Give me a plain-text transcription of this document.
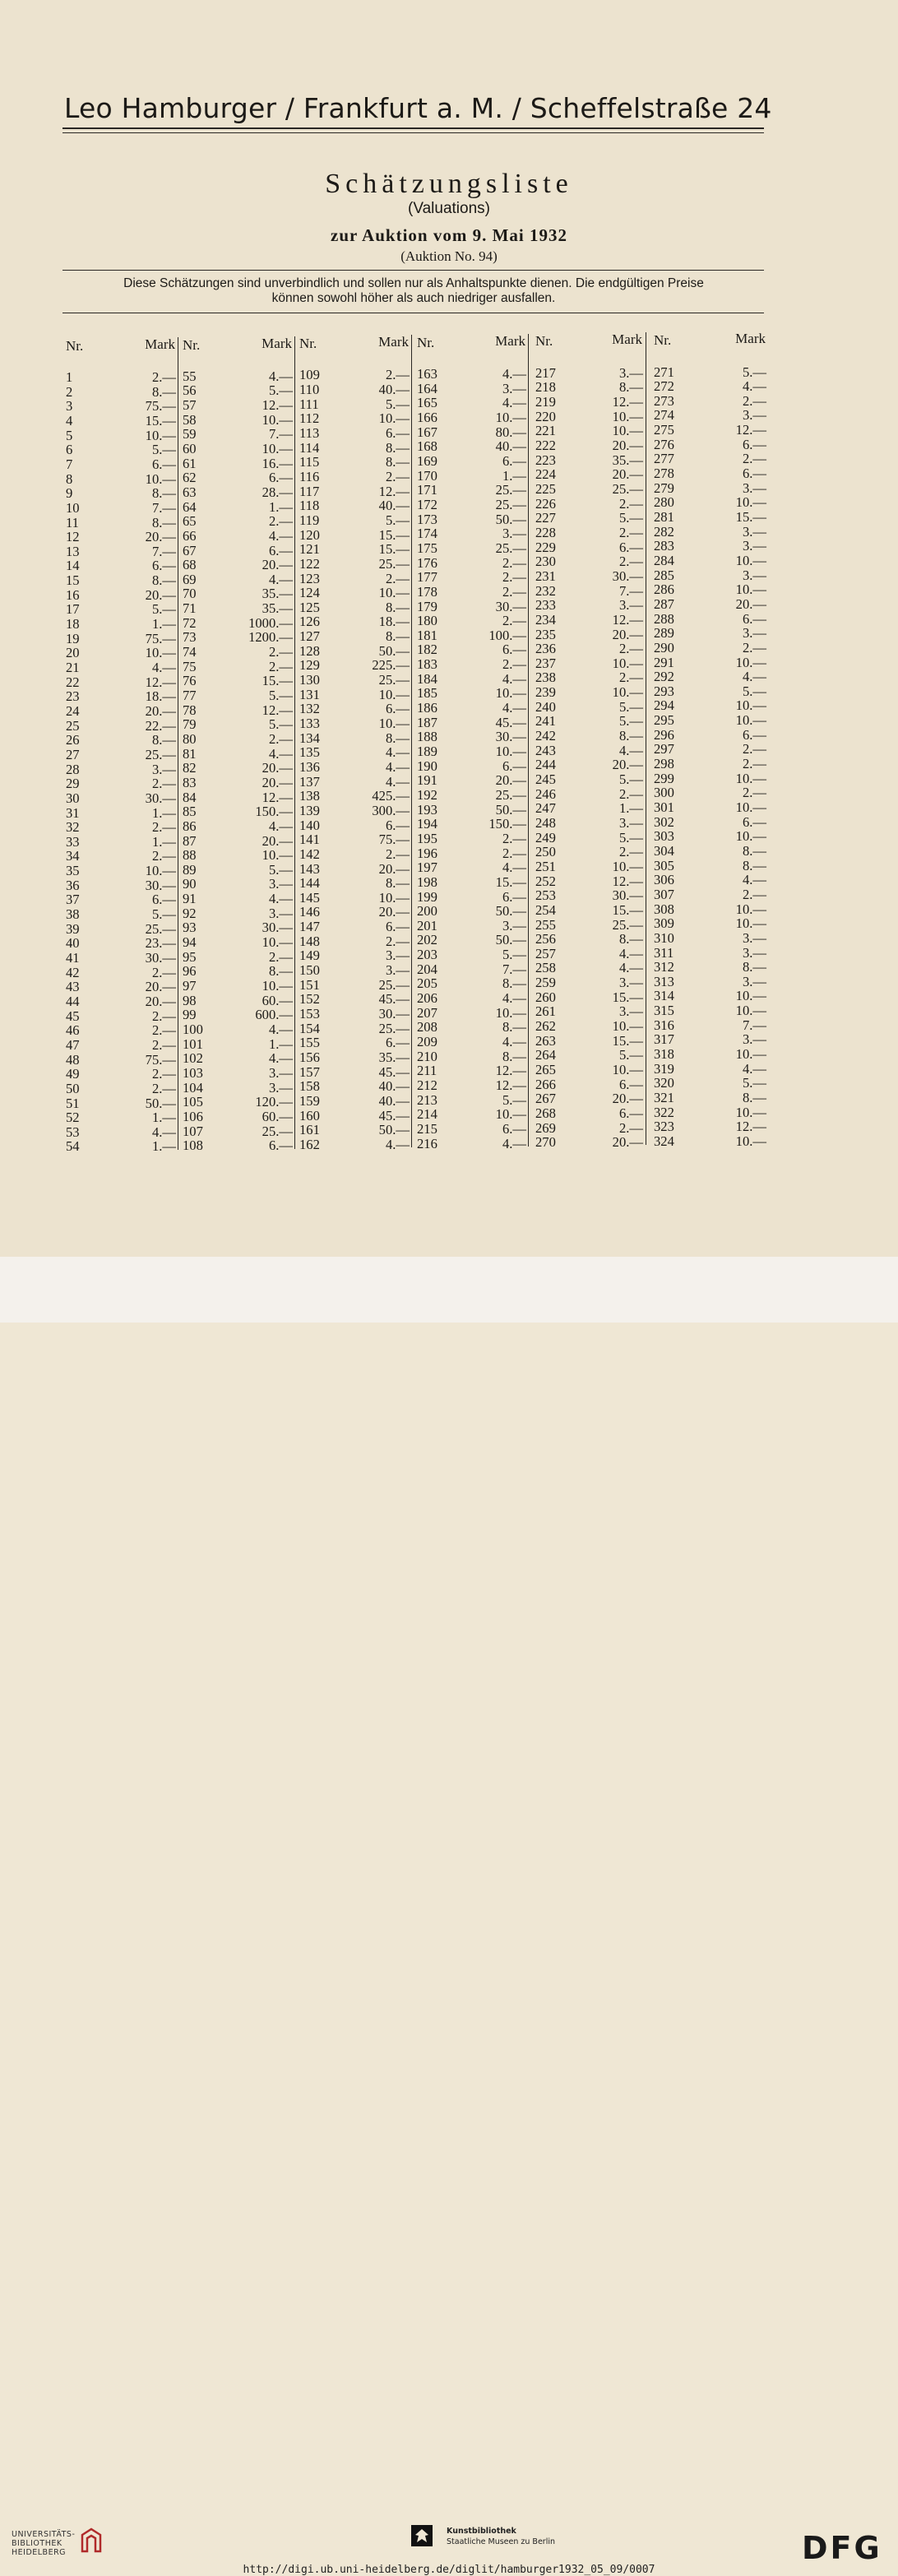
Leo Hamburger / Frankfurt a. M. / Scheffelstraße 24
Schätzungsliste
(Valuations)
zur Auktion vom 9. Mai 1932
(Auktion No. 94)
Diese Schätzungen sind unverbindlich und sollen nur als Anhaltspunkte dienen. Die endgültigen Preise
können sowohl höher als auch niedriger ausfallen.
Nr.	Mark
1	2.—
2	8.—
3	75.—
4	15.—
5	10.—
6	5.—
7	6.—
8	10.—
9	8.—
10	7.—
11	8.—
12	20.—
13	7.—
14	6.—
15	8.—
16	20.—
17	5.—
18	1.—
19	75.—
20	10.—
21	4.—
22	12.—
23	18.—
24	20.—
25	22.—
26	8.—
27	25.—
28	3.—
29	2.—
30	30.—
31	1.—
32	2.—
33	1.—
34	2.—
35	10.—
36	30.—
37	6.—
38	5.—
39	25.—
40	23.—
41	30.—
42	2.—
43	20.—
44	20.—
45	2.—
46	2.—
47	2.—
48	75.—
49	2.—
50	2.—
51	50.—
52	1.—
53	4.—
54	1.—
Nr.	Mark
55	4.—
56	5.—
57	12.—
58	10.—
59	7.—
60	10.—
61	16.—
62	6.—
63	28.—
64	1.—
65	2.—
66	4.—
67	6.—
68	20.—
69	4.—
70	35.—
71	35.—
72	1000.—
73	1200.—
74	2.—
75	2.—
76	15.—
77	5.—
78	12.—
79	5.—
80	2.—
81	4.—
82	20.—
83	20.—
84	12.—
85	150.—
86	4.—
87	20.—
88	10.—
89	5.—
90	3.—
91	4.—
92	3.—
93	30.—
94	10.—
95	2.—
96	8.—
97	10.—
98	60.—
99	600.—
100	4.—
101	1.—
102	4.—
103	3.—
104	3.—
105	120.—
106	60.—
107	25.—
108	6.—
Nr.	Mark
109	2.—
110	40.—
111	5.—
112	10.—
113	6.—
114	8.—
115	8.—
116	2.—
117	12.—
118	40.—
119	5.—
120	15.—
121	15.—
122	25.—
123	2.—
124	10.—
125	8.—
126	18.—
127	8.—
128	50.—
129	225.—
130	25.—
131	10.—
132	6.—
133	10.—
134	8.—
135	4.—
136	4.—
137	4.—
138	425.—
139	300.—
140	6.—
141	75.—
142	2.—
143	20.—
144	8.—
145	10.—
146	20.—
147	6.—
148	2.—
149	3.—
150	3.—
151	25.—
152	45.—
153	30.—
154	25.—
155	6.—
156	35.—
157	45.—
158	40.—
159	40.—
160	45.—
161	50.—
162	4.—
Nr.	Mark
163	4.—
164	3.—
165	4.—
166	10.—
167	80.—
168	40.—
169	6.—
170	1.—
171	25.—
172	25.—
173	50.—
174	3.—
175	25.—
176	2.—
177	2.—
178	2.—
179	30.—
180	2.—
181	100.—
182	6.—
183	2.—
184	4.—
185	10.—
186	4.—
187	45.—
188	30.—
189	10.—
190	6.—
191	20.—
192	25.—
193	50.—
194	150.—
195	2.—
196	2.—
197	4.—
198	15.—
199	6.—
200	50.—
201	3.—
202	50.—
203	5.—
204	7.—
205	8.—
206	4.—
207	10.—
208	8.—
209	4.—
210	8.—
211	12.—
212	12.—
213	5.—
214	10.—
215	6.—
216	4.—
Nr.	Mark
217	3.—
218	8.—
219	12.—
220	10.—
221	10.—
222	20.—
223	35.—
224	20.—
225	25.—
226	2.—
227	5.—
228	2.—
229	6.—
230	2.—
231	30.—
232	7.—
233	3.—
234	12.—
235	20.—
236	2.—
237	10.—
238	2.—
239	10.—
240	5.—
241	5.—
242	8.—
243	4.—
244	20.—
245	5.—
246	2.—
247	1.—
248	3.—
249	5.—
250	2.—
251	10.—
252	12.—
253	30.—
254	15.—
255	25.—
256	8.—
257	4.—
258	4.—
259	3.—
260	15.—
261	3.—
262	10.—
263	15.—
264	5.—
265	10.—
266	6.—
267	20.—
268	6.—
269	2.—
270	20.—
Nr.	Mark
271	5.—
272	4.—
273	2.—
274	3.—
275	12.—
276	6.—
277	2.—
278	6.—
279	3.—
280	10.—
281	15.—
282	3.—
283	3.—
284	10.—
285	3.—
286	10.—
287	20.—
288	6.—
289	3.—
290	2.—
291	10.—
292	4.—
293	5.—
294	10.—
295	10.—
296	6.—
297	2.—
298	2.—
299	10.—
300	2.—
301	10.—
302	6.—
303	10.—
304	8.—
305	8.—
306	4.—
307	2.—
308	10.—
309	10.—
310	3.—
311	3.—
312	8.—
313	3.—
314	10.—
315	10.—
316	7.—
317	3.—
318	10.—
319	4.—
320	5.—
321	8.—
322	10.—
323	12.—
324	10.—
UNIVERSITÄTS-
BIBLIOTHEK
HEIDELBERG
Kunstbibliothek
Staatliche Museen zu Berlin	DFG
http://digi.ub.uni-heidelberg.de/diglit/hamburger1932_05_09/0007
